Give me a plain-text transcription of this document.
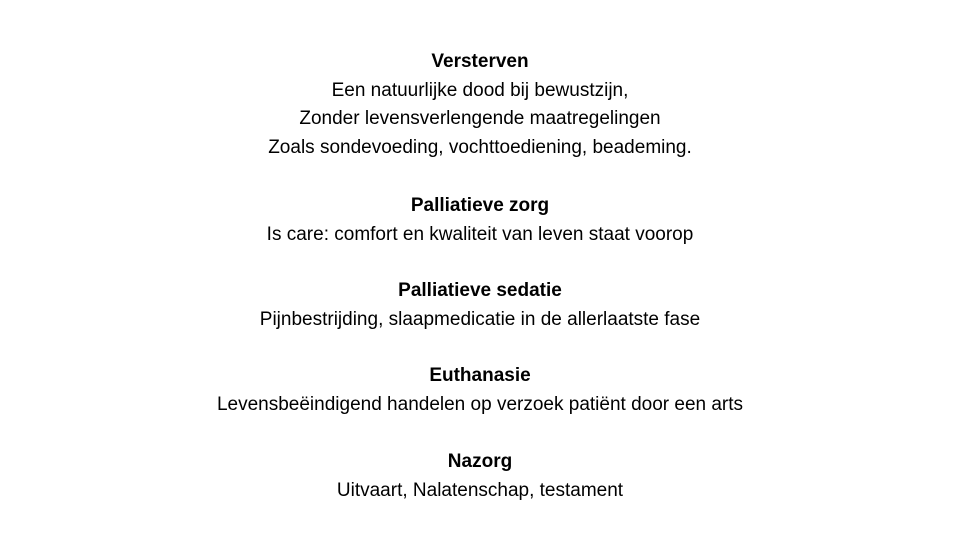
Versterven
Een natuurlijke dood bij bewustzijn,
Zonder levensverlengende maatregelingen
Zoals sondevoeding, vochttoediening, beademing.
Palliatieve zorg
Is care: comfort en kwaliteit van leven staat voorop
Palliatieve sedatie
Pijnbestrijding, slaapmedicatie in de allerlaatste fase
Euthanasie
Levensbeëindigend handelen op verzoek patiënt door een arts
Nazorg
Uitvaart, Nalatenschap, testament
